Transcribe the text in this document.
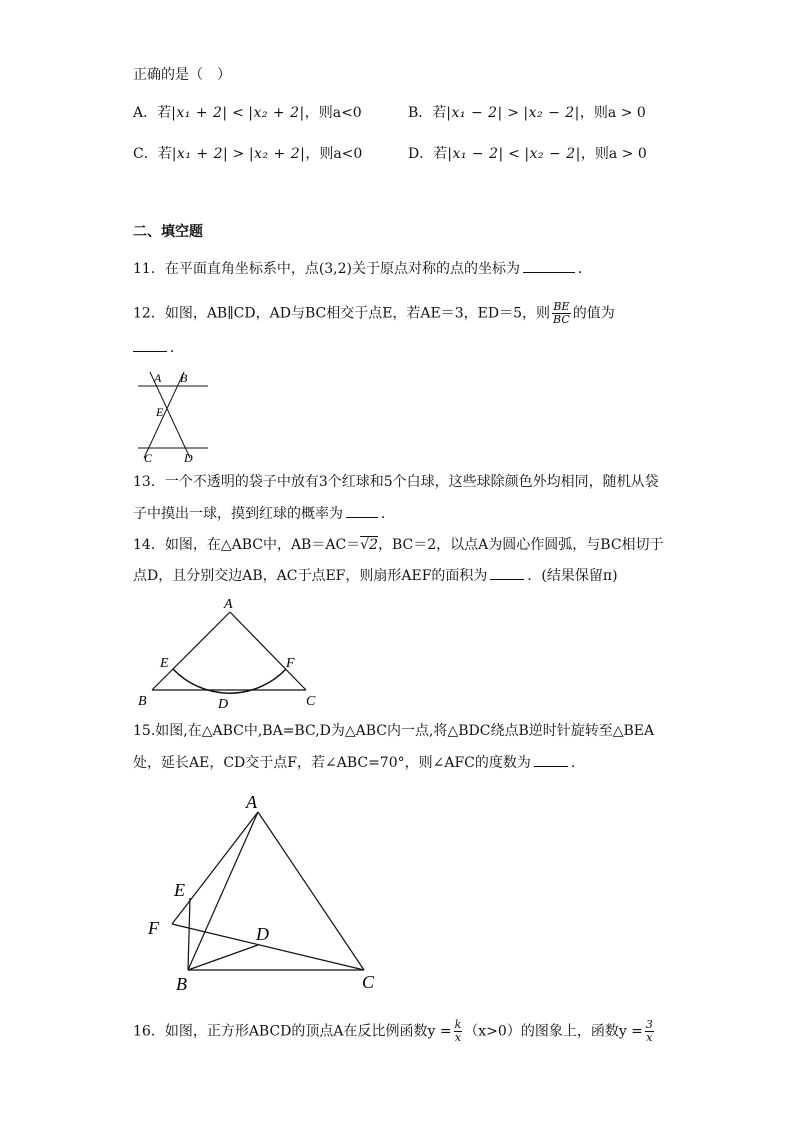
正确的是（　）
A．若|x₁ + 2| < |x₂ + 2|，则a<0	B．若|x₁ − 2| > |x₂ − 2|，则a > 0
C．若|x₁ + 2| > |x₂ + 2|，则a<0	D．若|x₁ − 2| < |x₂ − 2|，则a > 0
二、填空题
11．在平面直角坐标系中，点(3,2)关于原点对称的点的坐标为	．
12．如图，AB∥CD，AD与BC相交于点E，若AE＝3，ED＝5，则 $\frac{BE}{BC}$ 的值为
．
A B
E
C	D
13．一个不透明的袋子中放有3个红球和5个白球，这些球除颜色外均相同，随机从袋
子中摸出一球，摸到红球的概率为	．
14．如图，在△ABC中，AB＝AC＝√2，BC＝2，以点A为圆心作圆弧，与BC相切于
点D，且分别交边AB，AC于点EF，则扇形AEF的面积为	．(结果保留π)
A
E	F
B	D	C
15.如图,在△ABC中,BA=BC,D为△ABC内一点,将△BDC绕点B逆时针旋转至△BEA
处，延长AE，CD交于点F，若∠ABC=70°，则∠AFC的度数为	．
A
E
F	D
B	C
16．如图，正方形ABCD的顶点A在反比例函数$y = \frac{k}{x} (x>0)$的图象上，函数$y = \frac{3}{x}$
